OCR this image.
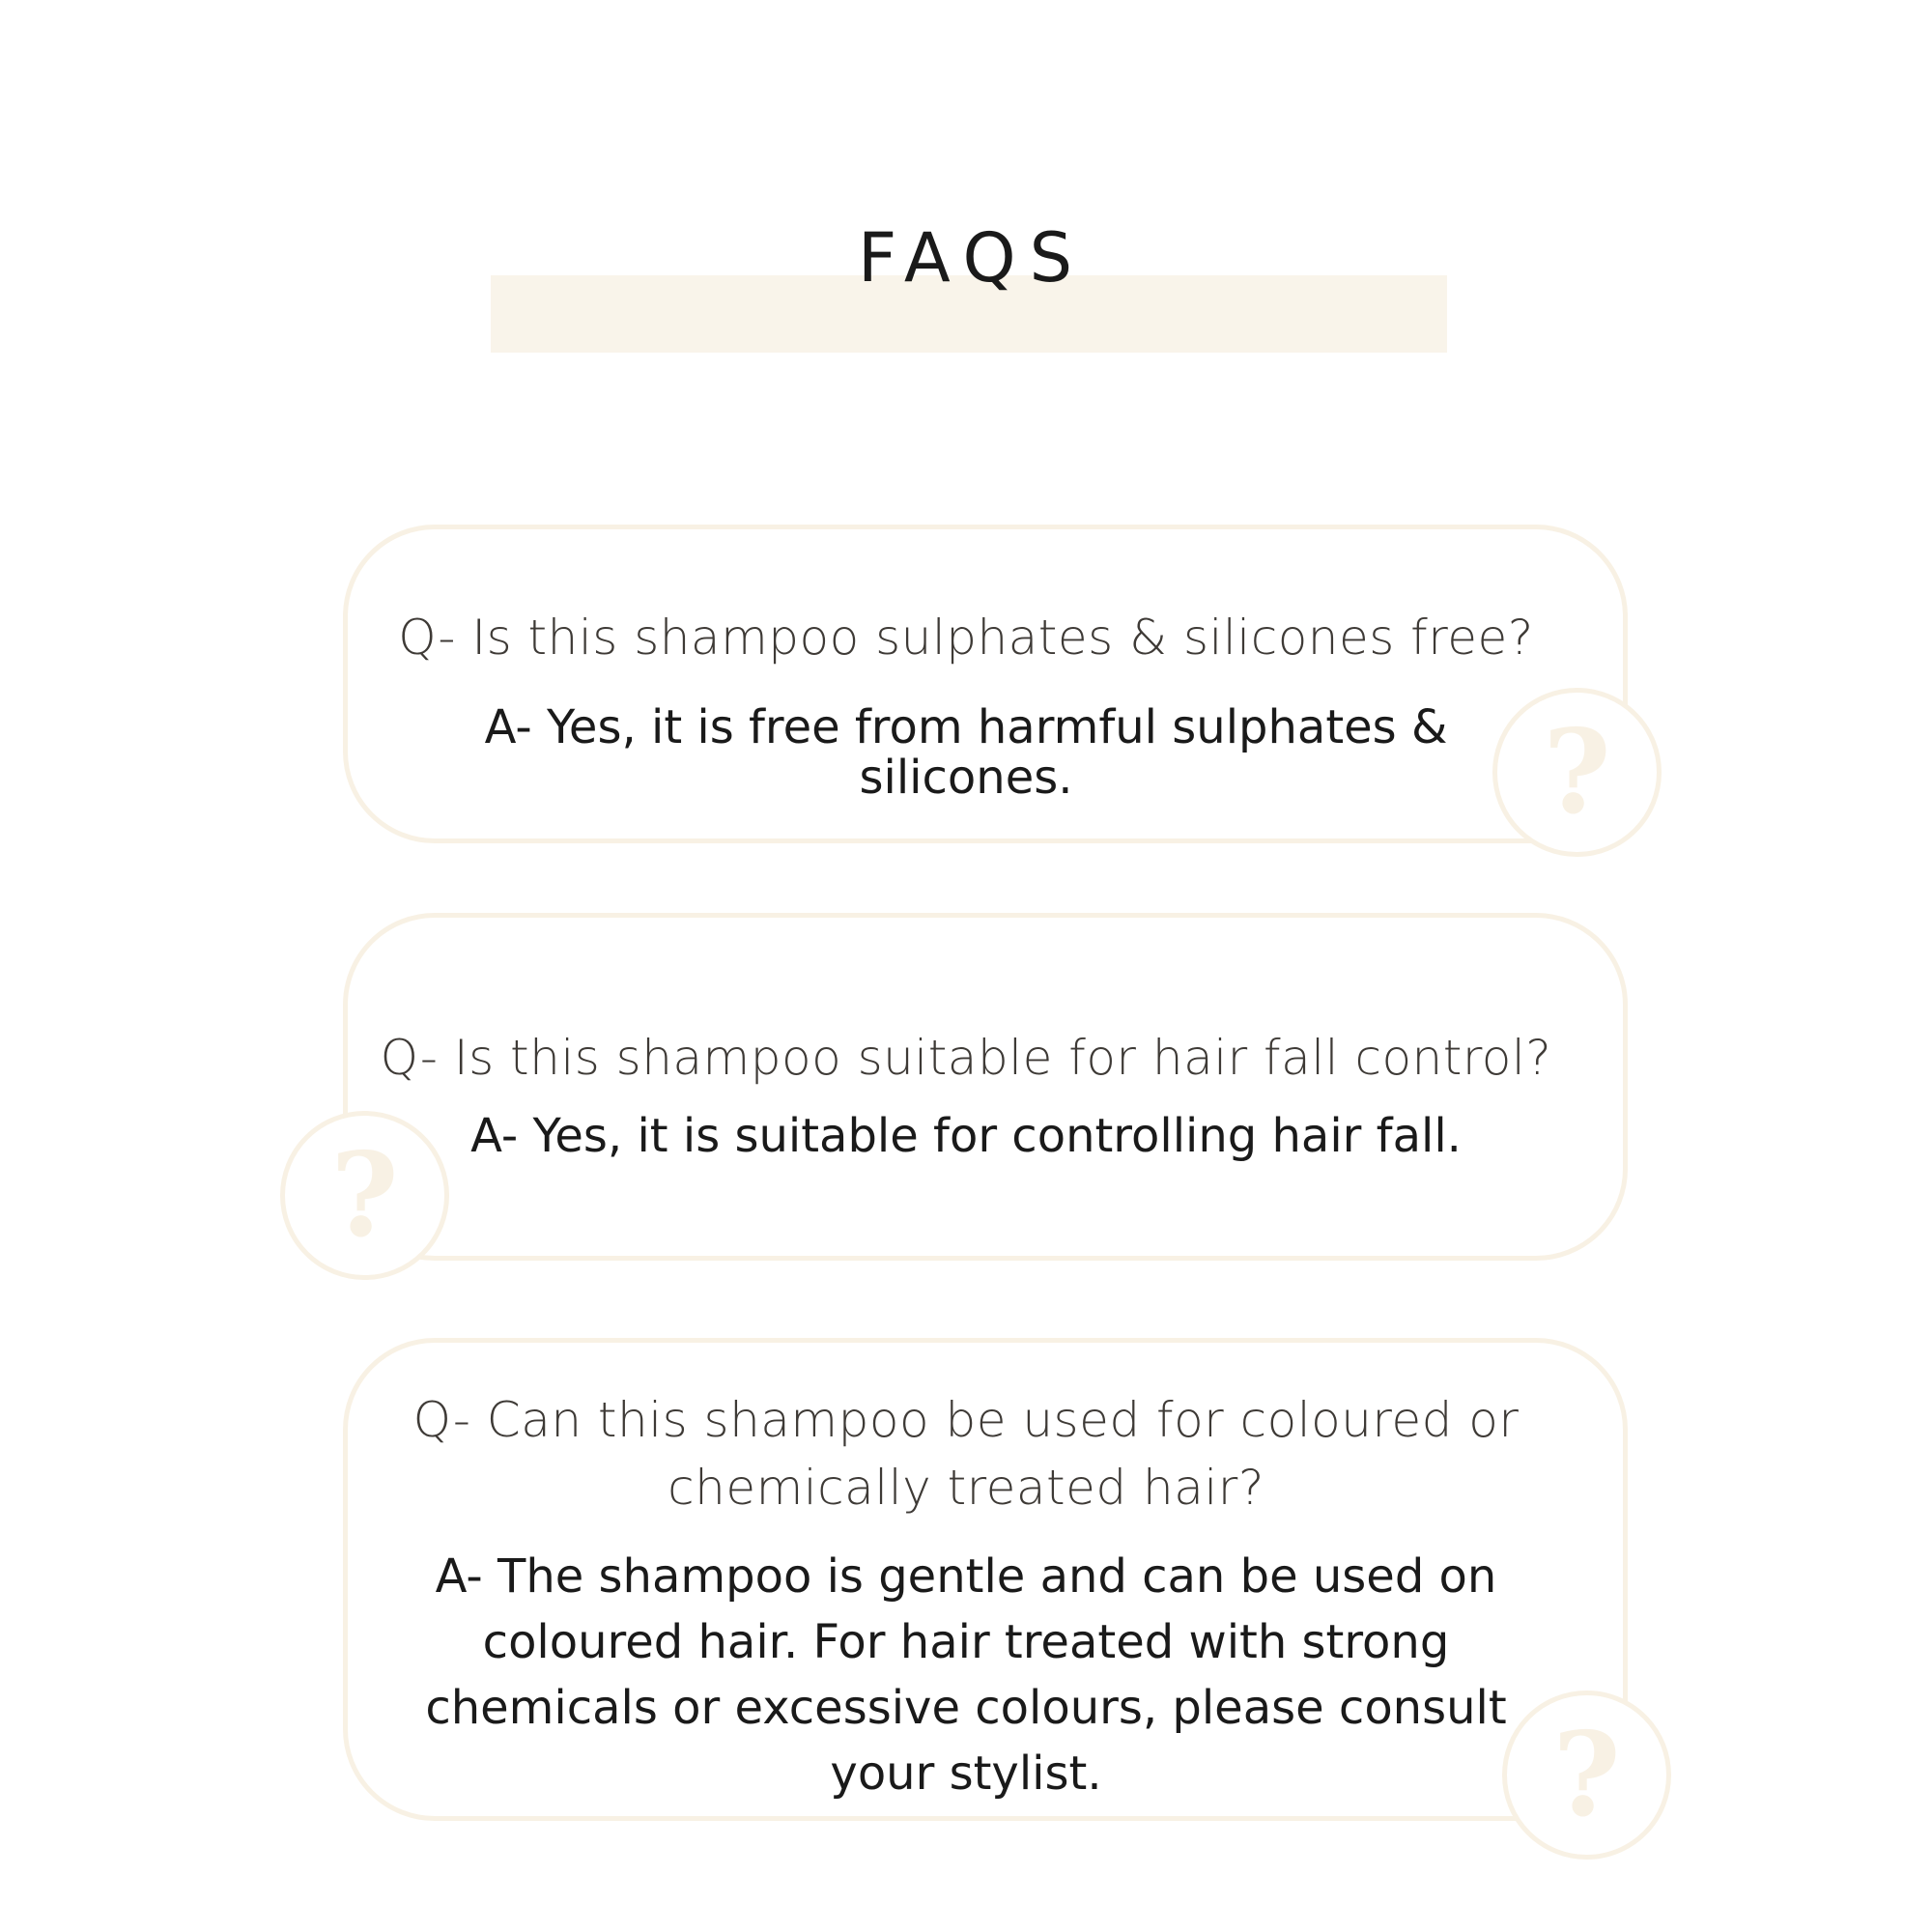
FAQS
?
Q- Is this shampoo sulphates & silicones free?
A- Yes, it is free from harmful sulphates & silicones.
?
Q- Is this shampoo suitable for hair fall control?
A- Yes, it is suitable for controlling hair fall.
?
Q- Can this shampoo be used for coloured or chemically treated hair?
A- The shampoo is gentle and can be used on coloured hair. For hair treated with strong chemicals or excessive colours, please consult your stylist.
